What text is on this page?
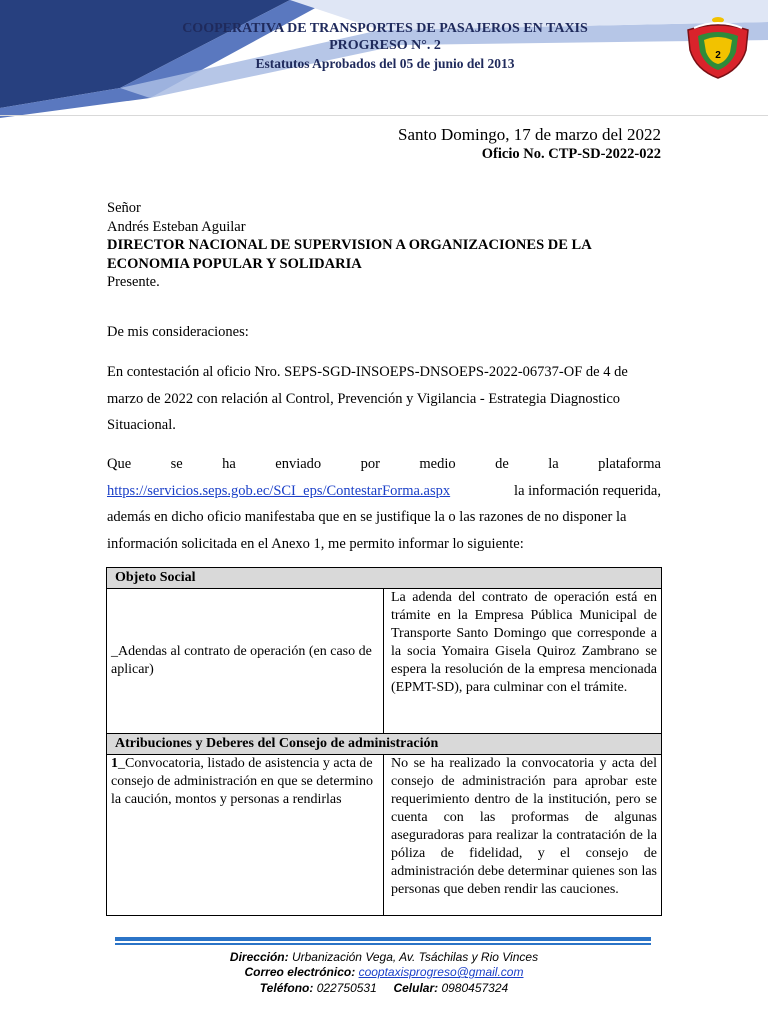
COOPERATIVA DE TRANSPORTES DE PASAJEROS EN TAXIS
PROGRESO N°. 2
Estatutos Aprobados del 05 de junio del 2013
2
Santo Domingo, 17 de marzo del 2022
Oficio No. CTP-SD-2022-022
Señor
Andrés Esteban Aguilar
DIRECTOR NACIONAL DE SUPERVISION A ORGANIZACIONES DE LA
ECONOMIA POPULAR Y SOLIDARIA
Presente.
De mis consideraciones:
En contestación al oficio Nro. SEPS-SGD-INSOEPS-DNSOEPS-2022-06737-OF de 4 de marzo de 2022 con relación al Control, Prevención y Vigilancia - Estrategia Diagnostico Situacional.
Que	se	ha	enviado	por	medio	de	la	plataforma
https://servicios.seps.gob.ec/SCI_eps/ContestarForma.aspx	la información requerida,
además en dicho oficio manifestaba que en se justifique la o las razones de no disponer la
información solicitada en el Anexo 1, me permito informar lo siguiente:
Objeto Social	

_Adendas al contrato de operación (en caso de aplicar)	La adenda del contrato de operación está en trámite en la Empresa Pública Municipal de Transporte Santo Domingo que corresponde a la socia Yomaira Gisela Quiroz Zambrano se espera la resolución de la empresa mencionada (EPMT-SD), para culminar con el trámite.
Atribuciones y Deberes del Consejo de administración	
1_Convocatoria, listado de asistencia y acta de consejo de administración en que se determino la caución, montos y personas a rendirlas	No se ha realizado la convocatoria y acta del consejo de administración para aprobar este requerimiento dentro de la institución, pero se cuenta con las proformas de algunas aseguradoras para realizar la contratación de la póliza de fidelidad, y el consejo de administración debe determinar quienes son las personas que deben rendir las cauciones.
Dirección: Urbanización Vega, Av. Tsáchilas y Rio Vinces
Correo electrónico: cooptaxisprogreso@gmail.com
Teléfono: 022750531 Celular: 0980457324
